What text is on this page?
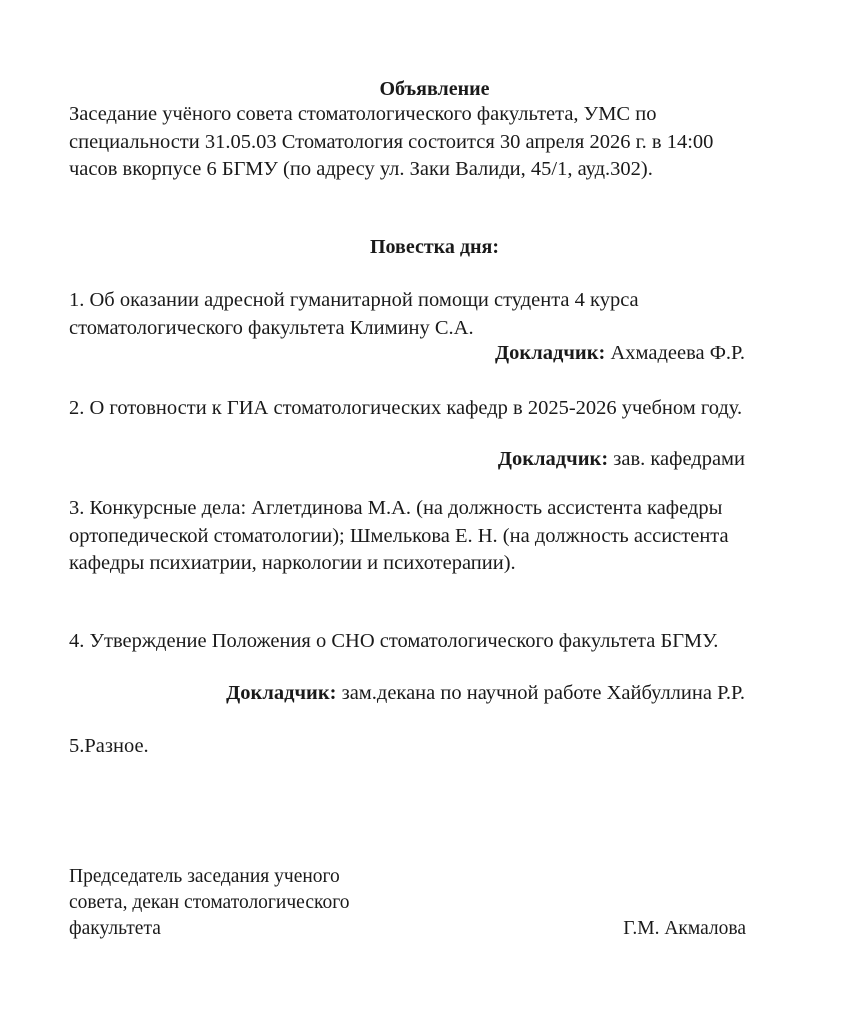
Объявление
Заседание учёного совета стоматологического факультета, УМС по специальности 31.05.03 Стоматология состоится 30 апреля 2026 г. в 14:00 часов вкорпусе 6 БГМУ (по адресу ул. Заки Валиди, 45/1, ауд.302).
Повестка дня:
1. Об оказании адресной гуманитарной помощи студента 4 курса стоматологического факультета Климину С.А.
Докладчик: Ахмадеева Ф.Р.
2. О готовности к ГИА стоматологических кафедр в 2025-2026 учебном году.
Докладчик: зав. кафедрами
3. Конкурсные дела: Аглетдинова М.А. (на должность ассистента кафедры ортопедической стоматологии); Шмелькова Е. Н. (на должность ассистента кафедры психиатрии, наркологии и психотерапии).
4. Утверждение Положения о СНО стоматологического факультета БГМУ.
Докладчик: зам.декана по научной работе Хайбуллина Р.Р.
5.Разное.
Председатель заседания ученого совета, декан стоматологического факультета	Г.М. Акмалова
